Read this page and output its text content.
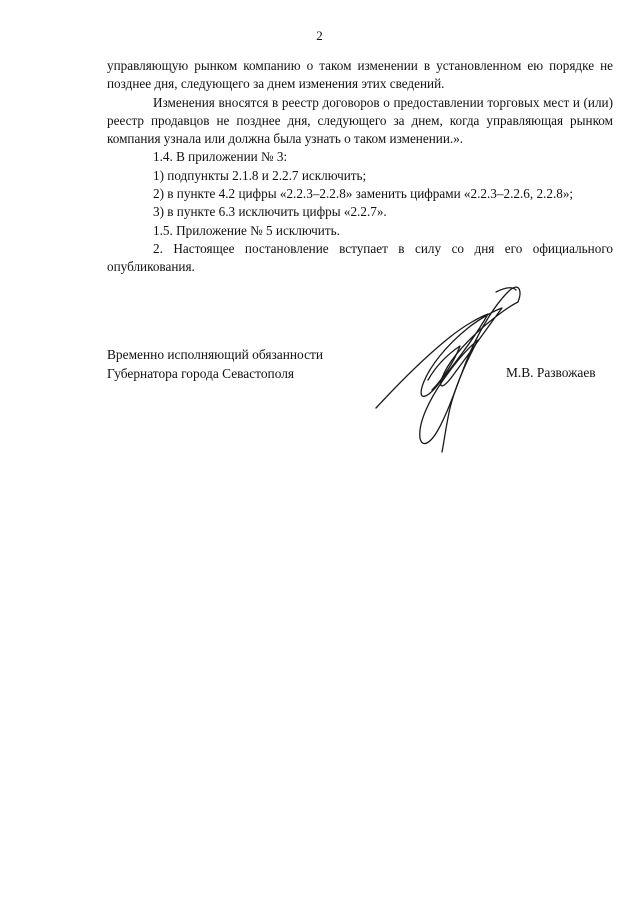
2

управляющую рынком компанию о таком изменении в установленном ею порядке не позднее дня, следующего за днем изменения этих сведений.

Изменения вносятся в реестр договоров о предоставлении торговых мест и (или) реестр продавцов не позднее дня, следующего за днем, когда управляющая рынком компания узнала или должна была узнать о таком изменении.».

1.4. В приложении № 3:

1) подпункты 2.1.8 и 2.2.7 исключить;

2) в пункте 4.2 цифры «2.2.3–2.2.8» заменить цифрами «2.2.3–2.2.6, 2.2.8»;

3) в пункте 6.3 исключить цифры «2.2.7».

1.5. Приложение № 5 исключить.

2. Настоящее постановление вступает в силу со дня его официального опубликования.

Временно исполняющий обязанности
Губернатора города Севастополя	М.В. Развожаев
